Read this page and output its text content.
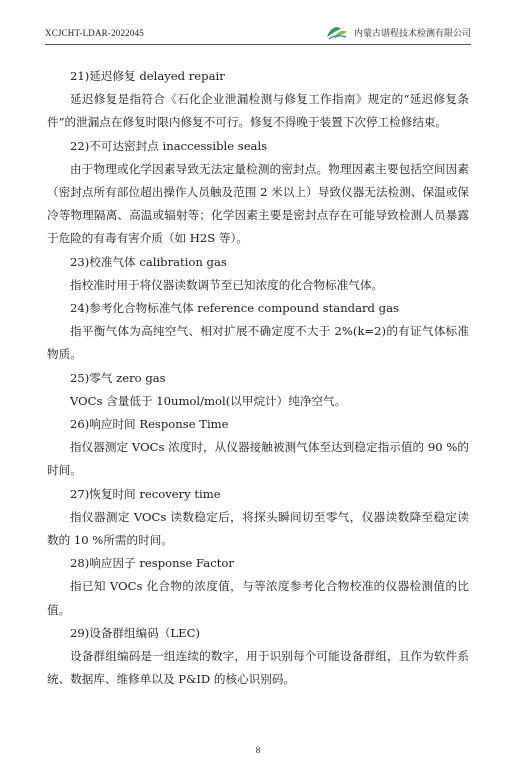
XCJCHT-LDAR-2022045	内蒙古谱程技术检测有限公司

21)延迟修复 delayed repair

延迟修复是指符合《石化企业泄漏检测与修复工作指南》规定的“延迟修复条件”的泄漏点在修复时限内修复不可行。修复不得晚于装置下次停工检修结束。

22)不可达密封点 inaccessible seals

由于物理或化学因素导致无法定量检测的密封点。物理因素主要包括空间因素（密封点所有部位超出操作人员触及范围 2 米以上）导致仪器无法检测、保温或保冷等物理隔离、高温或辐射等；化学因素主要是密封点存在可能导致检测人员暴露于危险的有毒有害介质（如 H2S 等）。

23)校准气体 calibration gas

指校准时用于将仪器读数调节至已知浓度的化合物标准气体。

24)参考化合物标准气体 reference compound standard gas

指平衡气体为高纯空气、相对扩展不确定度不大于 2%(k=2)的有证气体标准物质。

25)零气 zero gas

VOCs 含量低于 10umol/mol(以甲烷计）纯净空气。

26)响应时间 Response Time

指仪器测定 VOCs 浓度时，从仪器接触被测气体至达到稳定指示值的 90 %的时间。

27)恢复时间 recovery time

指仪器测定 VOCs 读数稳定后，将探头瞬间切至零气，仪器读数降至稳定读数的 10 %所需的时间。

28)响应因子 response Factor

指已知 VOCs 化合物的浓度值，与等浓度参考化合物校准的仪器检测值的比值。

29)设备群组编码（LEC)

设备群组编码是一组连续的数字，用于识别每个可能设备群组，且作为软件系统、数据库、维修单以及 P&ID 的核心识别码。

8
